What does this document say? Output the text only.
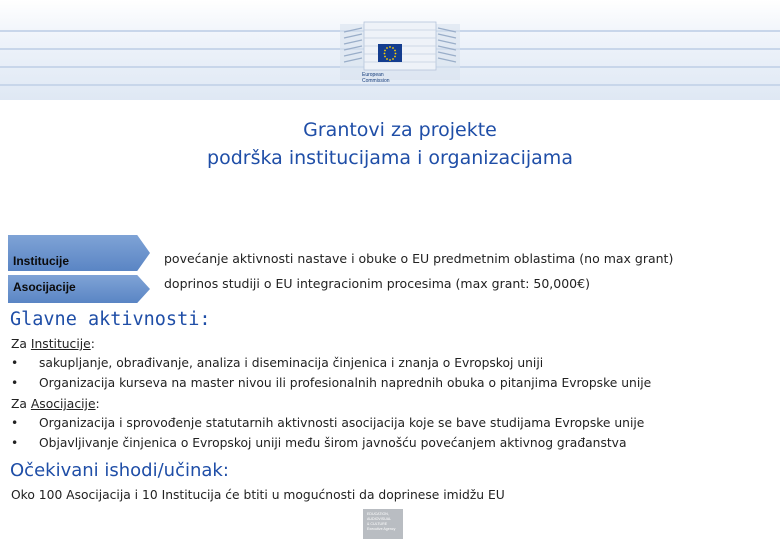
European
Commission
Grantovi za projekte
podrška institucijama i organizacijama
Institucije
Asocijacije
povećanje aktivnosti nastave i obuke o EU predmetnim oblastima (no max grant)
doprinos studiji o EU integracionim procesima (max grant: 50,000€)
Glavne aktivnosti:
Za Institucije:
• sakupljanje, obrađivanje, analiza i diseminacija činjenica i znanja o Evropskoj uniji
• Organizacija kurseva na master nivou ili profesionalnih naprednih obuka o pitanjima Evropske unije
Za Asocijacije:
• Organizacija i sprovođenje statutarnih aktivnosti asocijacija koje se bave studijama Evropske unije
• Objavljivanje činjenica o Evropskoj uniji među širom javnošću povećanjem aktivnog građanstva
Očekivani ishodi/učinak:
Oko 100 Asocijacija i 10 Institucija će btiti u mogućnosti da doprinese imidžu EU
EDUCATION,
AUDIOVISUAL
& CULTURE
Executive Agency
